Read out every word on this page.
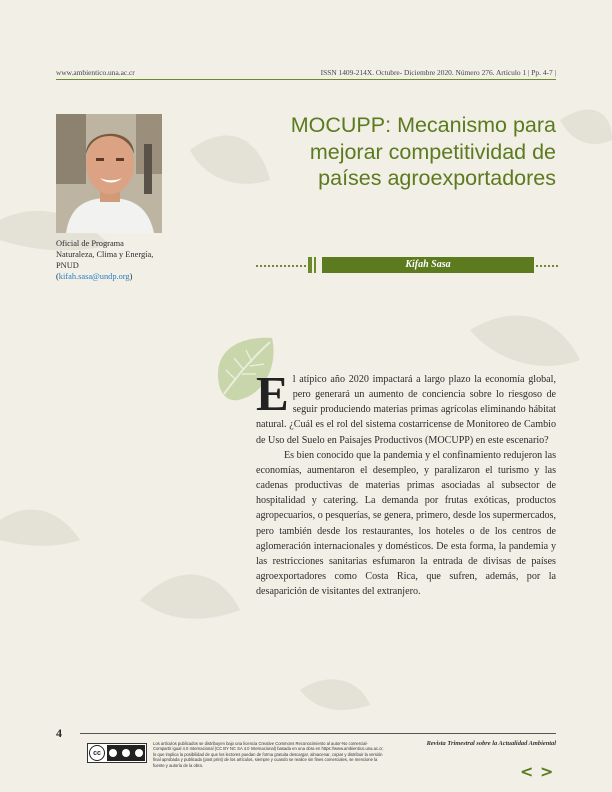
www.ambientico.una.ac.cr	ISSN 1409-214X. Octubre- Diciembre 2020. Número 276. Artículo 1 | Pp. 4-7 |
Oficial de Programa Naturaleza, Clima y Energía, PNUD (kifah.sasa@undp.org)
MOCUPP: Mecanismo para mejorar competitividad de países agroexportadores
Kifah Sasa

El atípico año 2020 impactará a largo plazo la economía global, pero generará un aumento de conciencia sobre lo riesgoso de seguir produciendo materias primas agrícolas eliminando hábitat natural. ¿Cuál es el rol del sistema costarricense de Monitoreo de Cambio de Uso del Suelo en Paisajes Productivos (MOCUPP) en este escenario?

Es bien conocido que la pandemia y el confinamiento redujeron las economías, aumentaron el desempleo, y paralizaron el turismo y las cadenas productivas de materias primas asociadas al subsector de hospitalidad y catering. La demanda por frutas exóticas, productos agropecuarios, o pesquerías, se genera, primero, desde los supermercados, pero también desde los restaurantes, los hoteles o de los centros de aglomeración internacionales y domésticos. De esta forma, la pandemia y las restricciones sanitarias esfumaron la entrada de divisas de países agroexportadores como Costa Rica, que sufren, además, por la desaparición de visitantes del extranjero.

4
cc
Los artículos publicados se distribuyen bajo una licencia Creative Commons Reconocimiento al autor-No comercial-Compartir igual 4.0 Internacional (CC BY NC SA 4.0 Internacional) basada en una obra en https://www.ambientico.una.ac.cr, lo que implica la posibilidad de que los lectores puedan de forma gratuita descargar, almacenar, copiar y distribuir la versión final aprobada y publicada (post print) de los artículos, siempre y cuando se realice sin fines comerciales, se mencione la fuente y autoría de la obra.
Revista Trimestral sobre la Actualidad Ambiental
< >
